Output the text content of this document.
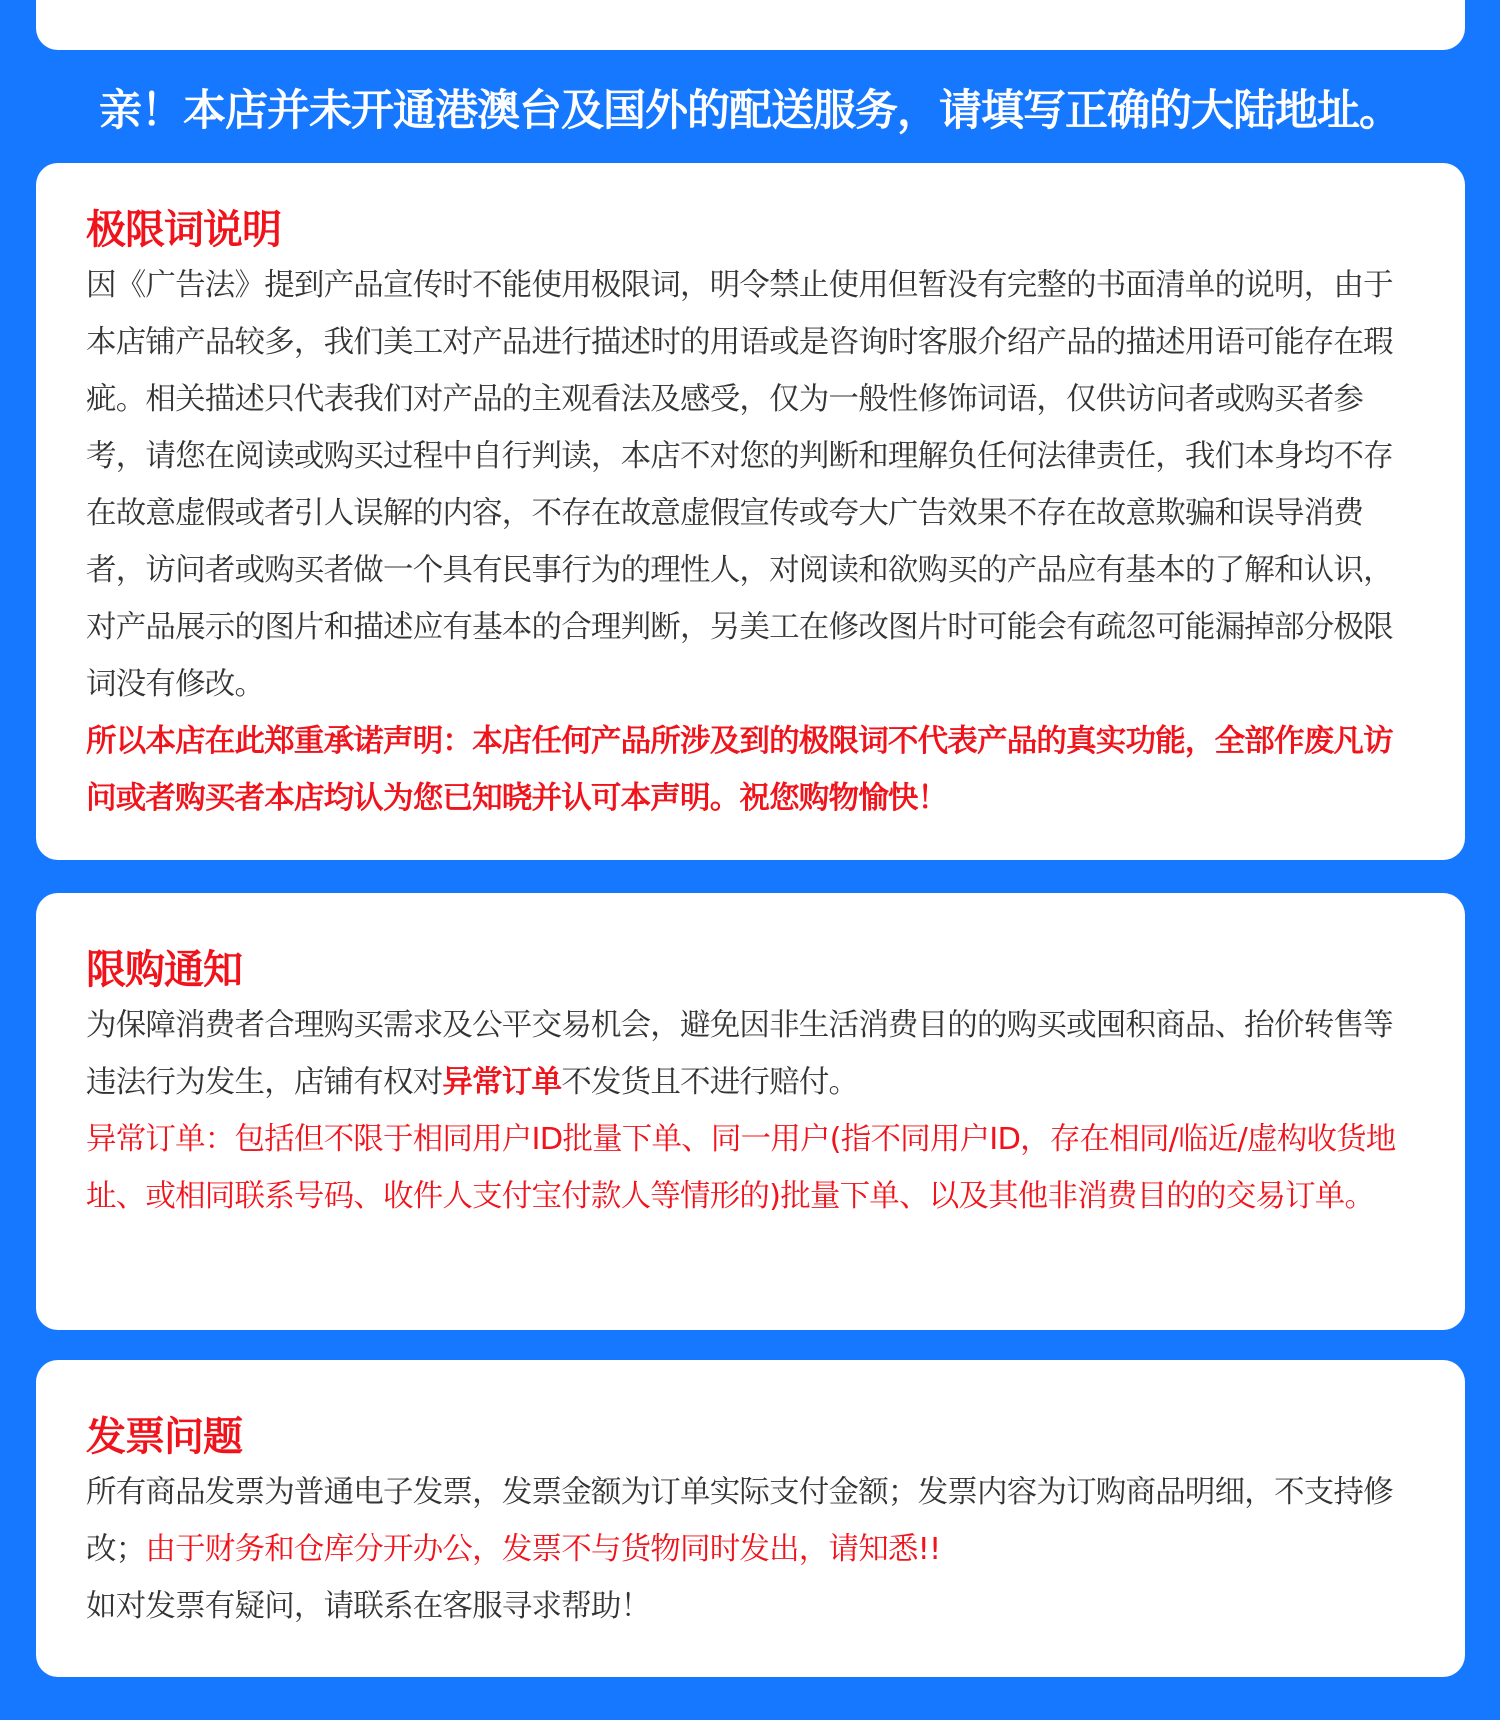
亲！本店并未开通港澳台及国外的配送服务，请填写正确的大陆地址。
极限词说明

因《广告法》提到产品宣传时不能使用极限词，明令禁止使用但暂没有完整的书面清单的说明，由于本店铺产品较多，我们美工对产品进行描述时的用语或是咨询时客服介绍产品的描述用语可能存在瑕疵。相关描述只代表我们对产品的主观看法及感受，仅为一般性修饰词语，仅供访问者或购买者参考，请您在阅读或购买过程中自行判读，本店不对您的判断和理解负任何法律责任，我们本身均不存在故意虚假或者引人误解的内容，不存在故意虚假宣传或夸大广告效果不存在故意欺骗和误导消费者，访问者或购买者做一个具有民事行为的理性人，对阅读和欲购买的产品应有基本的了解和认识，对产品展示的图片和描述应有基本的合理判断，另美工在修改图片时可能会有疏忽可能漏掉部分极限词没有修改。

所以本店在此郑重承诺声明：本店任何产品所涉及到的极限词不代表产品的真实功能，全部作废凡访问或者购买者本店均认为您已知晓并认可本声明。祝您购物愉快！

限购通知

为保障消费者合理购买需求及公平交易机会，避免因非生活消费目的的购买或囤积商品、抬价转售等违法行为发生，店铺有权对异常订单不发货且不进行赔付。

异常订单：包括但不限于相同用户ID批量下单、同一用户(指不同用户ID，存在相同/临近/虚构收货地址、或相同联系号码、收件人支付宝付款人等情形的)批量下单、以及其他非消费目的的交易订单。

发票问题

所有商品发票为普通电子发票，发票金额为订单实际支付金额；发票内容为订购商品明细，不支持修改；由于财务和仓库分开办公，发票不与货物同时发出，请知悉!!

如对发票有疑问，请联系在客服寻求帮助！
